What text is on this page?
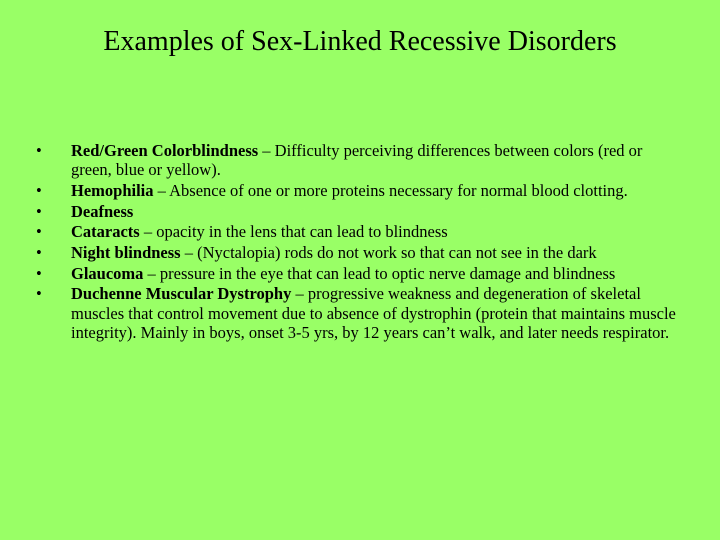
Examples of Sex-Linked Recessive Disorders
• Red/Green Colorblindness – Difficulty perceiving differences between colors (red or green, blue or yellow).
• Hemophilia – Absence of one or more proteins necessary for normal blood clotting.
• Deafness
• Cataracts – opacity in the lens that can lead to blindness
• Night blindness – (Nyctalopia) rods do not work so that can not see in the dark
• Glaucoma – pressure in the eye that can lead to optic nerve damage and blindness
• Duchenne Muscular Dystrophy – progressive weakness and degeneration of skeletal muscles that control movement due to absence of dystrophin (protein that maintains muscle integrity). Mainly in boys, onset 3-5 yrs, by 12 years can’t walk, and later needs respirator.
